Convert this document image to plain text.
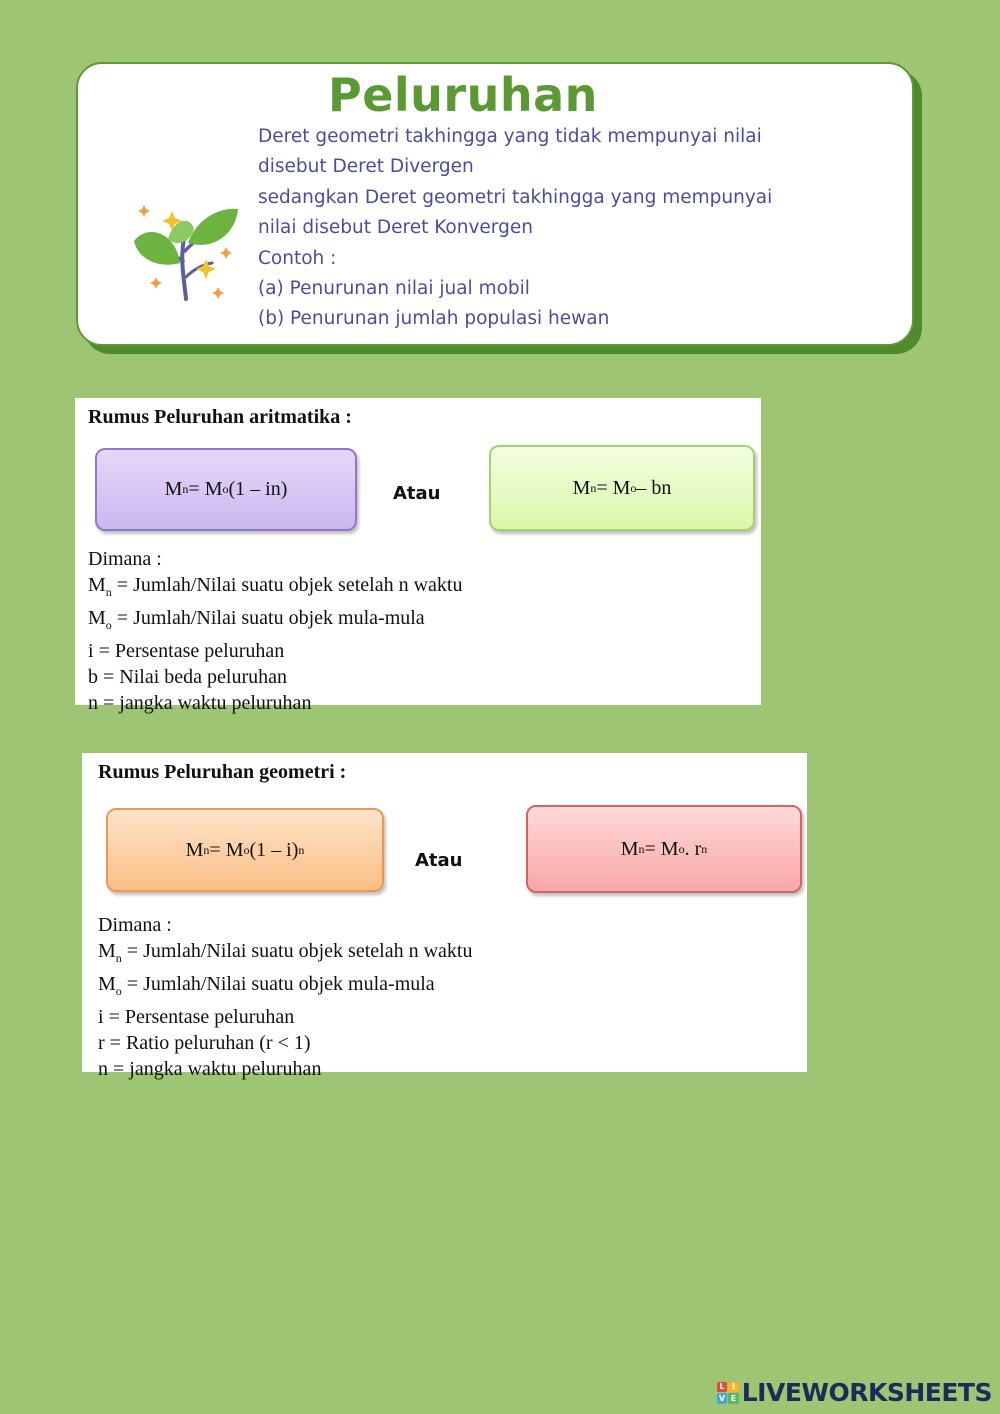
Peluruhan

Deret geometri takhingga yang tidak mempunyai nilai

disebut Deret Divergen

sedangkan Deret geometri takhingga yang mempunyai

nilai disebut Deret Konvergen

Contoh :

(a) Penurunan nilai jual mobil

(b) Penurunan jumlah populasi hewan

Rumus Peluruhan aritmatika :
M n = M o (1 – in)	Atau	M n = M o – bn
Dimana :
$M_n$ = Jumlah/Nilai suatu objek setelah n waktu
$M_o$ = Jumlah/Nilai suatu objek mula-mula
i = Persentase peluruhan
b = Nilai beda peluruhan
n = jangka waktu peluruhan
Rumus Peluruhan geometri :
M n = M o (1 – i) n
Atau
M n = M o . r n
Dimana :
$M_n$ = Jumlah/Nilai suatu objek setelah n waktu
$M_o$ = Jumlah/Nilai suatu objek mula-mula
i = Persentase peluruhan
r = Ratio peluruhan (r < 1)
n = jangka waktu peluruhan
L I
V E LIVEWORKSHEETS
